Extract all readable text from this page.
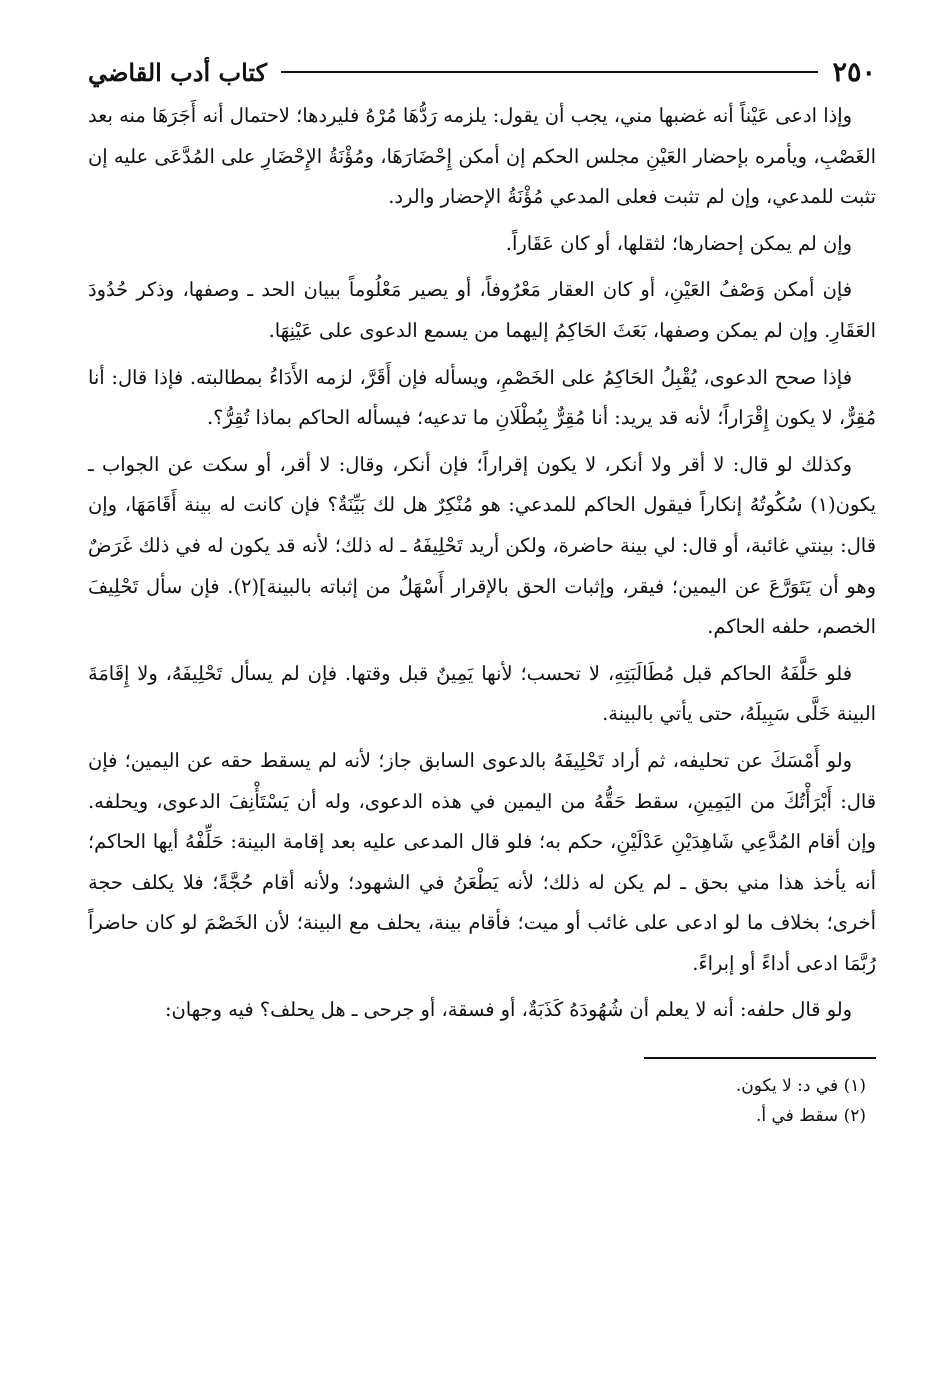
٢٥٠
كتاب أدب القاضي

وإذا ادعى عَيْناً أنه غضبها مني، يجب أن يقول: يلزمه رَدُّهَا مُرْهُ فليردها؛ لاحتمال أنه أَجَرَهَا منه بعد الغَصْبِ، ويأمره بإحضار العَيْنِ مجلس الحكم إن أمكن إِحْضَارَهَا، ومُؤْنَةُ الإِحْضَارِ على المُدَّعَى عليه إن تثبت للمدعي، وإن لم تثبت فعلى المدعي مُؤْنَةُ الإحضار والرد.

وإن لم يمكن إحضارها؛ لثقلها، أو كان عَقَاراً.

فإن أمكن وَصْفُ العَيْنِ، أو كان العقار مَعْرُوفاً، أو يصير مَعْلُوماً ببيان الحد ـ وصفها، وذكر حُدُودَ العَقَارِ. وإن لم يمكن وصفها، بَعَثَ الحَاكِمُ إليهما من يسمع الدعوى على عَيْنِهَا.

فإذا صحح الدعوى، يُقْبِلُ الحَاكِمُ على الخَصْمِ، ويسأله فإن أَقَرَّ، لزمه الأَدَاءُ بمطالبته. فإذا قال: أنا مُقِرٌّ، لا يكون إِقْرَاراً؛ لأنه قد يريد: أنا مُقِرٌّ بِبُطْلَانِ ما تدعيه؛ فيسأله الحاكم بماذا تُقِرُّ؟.

وكذلك لو قال: لا أقر ولا أنكر، لا يكون إقراراً؛ فإن أنكر، وقال: لا أقر، أو سكت عن الجواب ـ يكون(١) سُكُوتُهُ إنكاراً فيقول الحاكم للمدعي: هو مُنْكِرٌ هل لك بَيِّنَةٌ؟ فإن كانت له بينة أَقَامَهَا، وإن قال: بينتي غائبة، أو قال: لي بينة حاضرة، ولكن أريد تَحْلِيفَهُ ـ له ذلك؛ لأنه قد يكون له في ذلك غَرَضٌ وهو أن يَتَوَرَّعَ عن اليمين؛ فيقر، وإثبات الحق بالإقرار أَسْهَلُ من إثباته بالبينة](٢). فإن سأل تَحْلِيفَ الخصم، حلفه الحاكم.

فلو حَلَّفَهُ الحاكم قبل مُطَالَبَتِهِ، لا تحسب؛ لأنها يَمِينٌ قبل وقتها. فإن لم يسأل تَحْلِيفَهُ، ولا إِقَامَةَ البينة خَلَّى سَبِيلَهُ، حتى يأتي بالبينة.

ولو أَمْسَكَ عن تحليفه، ثم أراد تَحْلِيفَهُ بالدعوى السابق جاز؛ لأنه لم يسقط حقه عن اليمين؛ فإن قال: أَبْرَأْتُكَ من اليَمِينِ، سقط حَقُّهُ من اليمين في هذه الدعوى، وله أن يَسْتَأْنِفَ الدعوى، ويحلفه. وإن أقام المُدَّعِي شَاهِدَيْنِ عَدْلَيْنِ، حكم به؛ فلو قال المدعى عليه بعد إقامة البينة: حَلِّفْهُ أيها الحاكم؛ أنه يأخذ هذا مني بحق ـ لم يكن له ذلك؛ لأنه يَطْعَنُ في الشهود؛ ولأنه أقام حُجَّةً؛ فلا يكلف حجة أخرى؛ بخلاف ما لو ادعى على غائب أو ميت؛ فأقام بينة، يحلف مع البينة؛ لأن الخَصْمَ لو كان حاضراً رُبَّمَا ادعى أداءً أو إبراءً.

ولو قال حلفه: أنه لا يعلم أن شُهُودَهُ كَذَبَةٌ، أو فسقة، أو جرحى ـ هل يحلف؟ فيه وجهان:

(١) في د: لا يكون.

(٢) سقط في أ.
